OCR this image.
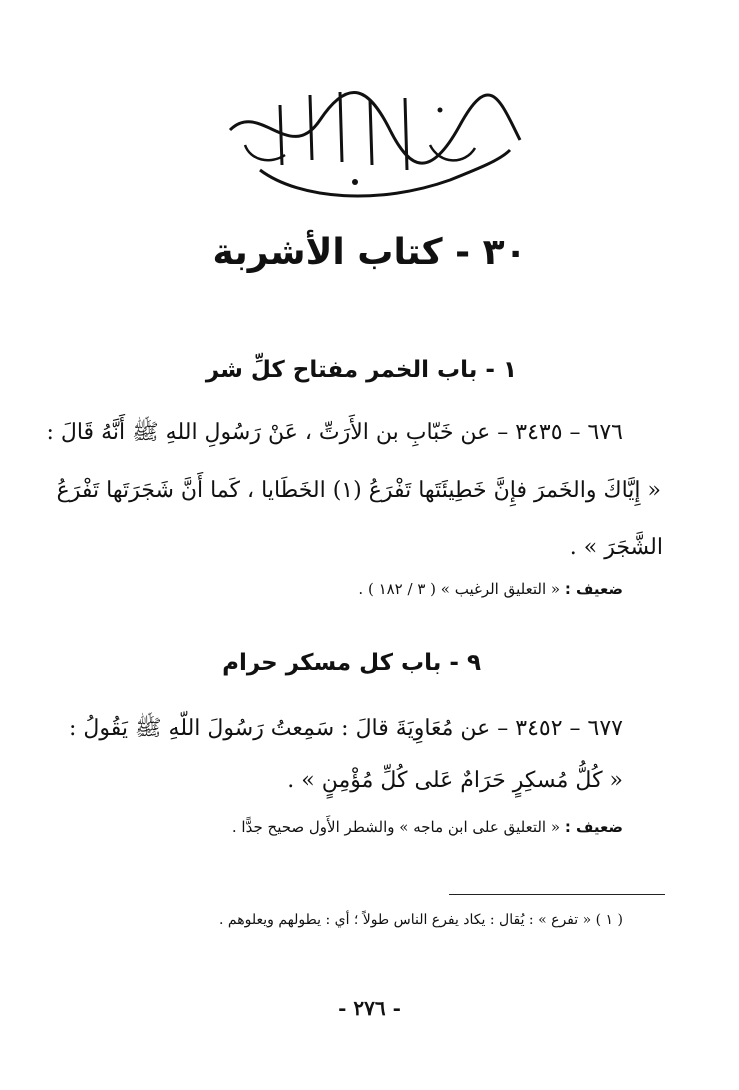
٣٠ - كتاب الأشربة
١ - باب الخمر مفتاح كلِّ شر
٦٧٦ – ٣٤٣٥ – عن خَبّابِ بن الأَرَتِّ ، عَنْ رَسُولِ اللهِ ﷺ أَنَّهُ قَالَ :
« إِيَّاكَ والخَمرَ فإِنَّ خَطِيئَتَها تَفْرَعُ (١) الخَطَايا ، كَما أَنَّ شَجَرَتَها تَفْرَعُ
الشَّجَرَ » .
ضعيف : « التعليق الرغيب » ( ٣ / ١٨٢ ) .
٩ - باب كل مسكر حرام
٦٧٧ – ٣٤٥٢ – عن مُعَاوِيَةَ قالَ : سَمِعتُ رَسُولَ اللّهِ ﷺ يَقُولُ :
« كُلُّ مُسكِرٍ حَرَامٌ عَلى كُلِّ مُؤْمِنٍ » .
ضعيف : « التعليق على ابن ماجه » والشطر الأَول صحيح جدًّا .
( ١ ) « تفرع » : يُقال : يكاد يفرع الناس طولاً ؛ أي : يطولهم ويعلوهم .
- ٢٧٦ -
